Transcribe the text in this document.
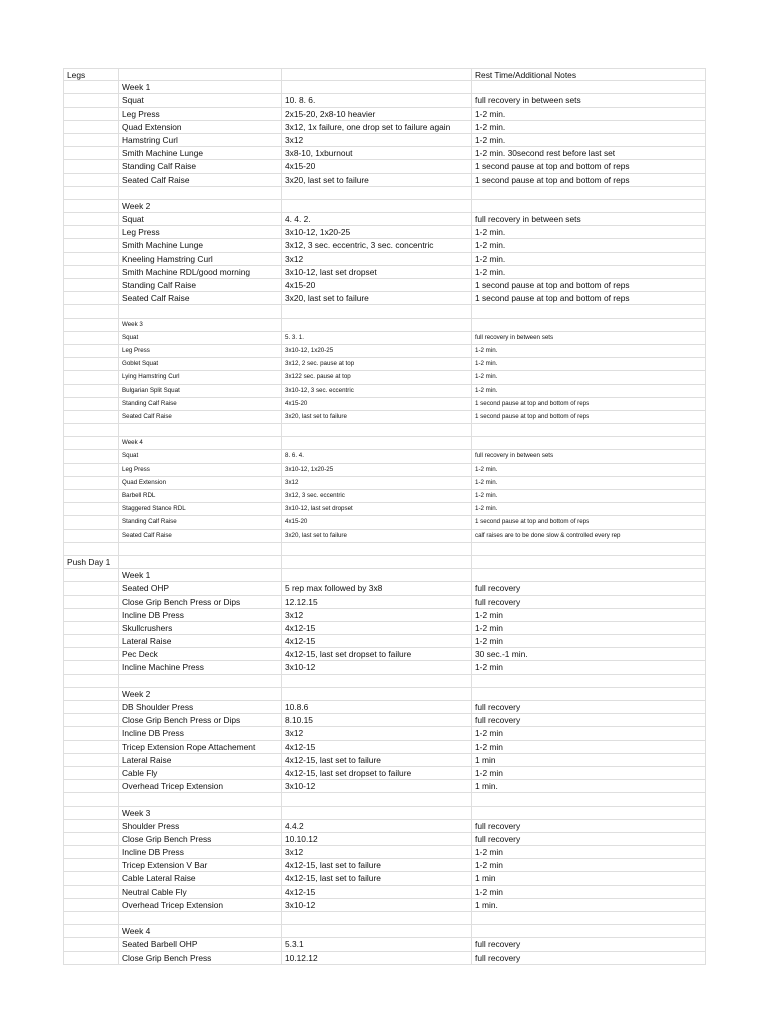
Legs	Rest Time/Additional Notes
Week 1
Squat	10. 8. 6.	full recovery in between sets
Leg Press	2x15-20, 2x8-10 heavier	1-2 min.
Quad Extension	3x12, 1x failure, one drop set to failure again	1-2 min.
Hamstring Curl	3x12	1-2 min.
Smith Machine Lunge	3x8-10, 1xburnout	1-2 min. 30second rest before last set
Standing Calf Raise	4x15-20	1 second pause at top and bottom of reps
Seated Calf Raise	3x20, last set to failure	1 second pause at top and bottom of reps
Week 2
Squat	4. 4. 2.	full recovery in between sets
Leg Press	3x10-12, 1x20-25	1-2 min.
Smith Machine Lunge	3x12, 3 sec. eccentric, 3 sec. concentric	1-2 min.
Kneeling Hamstring Curl	3x12	1-2 min.
Smith Machine RDL/good morning	3x10-12, last set dropset	1-2 min.
Standing Calf Raise	4x15-20	1 second pause at top and bottom of reps
Seated Calf Raise	3x20, last set to failure	1 second pause at top and bottom of reps
Week 3
Squat	5. 3. 1.	full recovery in between sets
Leg Press	3x10-12, 1x20-25	1-2 min.
Goblet Squat	3x12, 2 sec. pause at top	1-2 min.
Lying Hamstring Curl	3x122 sec. pause at top	1-2 min.
Bulgarian Split Squat	3x10-12, 3 sec. eccentric	1-2 min.
Standing Calf Raise	4x15-20	1 second pause at top and bottom of reps
Seated Calf Raise	3x20, last set to failure	1 second pause at top and bottom of reps
Week 4
Squat	8. 6. 4.	full recovery in between sets
Leg Press	3x10-12, 1x20-25	1-2 min.
Quad Extension	3x12	1-2 min.
Barbell RDL	3x12, 3 sec. eccentric	1-2 min.
Staggered Stance RDL	3x10-12, last set dropset	1-2 min.
Standing Calf Raise	4x15-20	1 second pause at top and bottom of reps
Seated Calf Raise	3x20, last set to failure	calf raises are to be done slow & controlled every rep
Push Day 1
Week 1
Seated OHP	5 rep max followed by 3x8	full recovery
Close Grip Bench Press or Dips	12.12.15	full recovery
Incline DB Press	3x12	1-2 min
Skullcrushers	4x12-15	1-2 min
Lateral Raise	4x12-15	1-2 min
Pec Deck	4x12-15, last set dropset to failure	30 sec.-1 min.
Incline Machine Press	3x10-12	1-2 min
Week 2
DB Shoulder Press	10.8.6	full recovery
Close Grip Bench Press or Dips	8.10.15	full recovery
Incline DB Press	3x12	1-2 min
Tricep Extension Rope Attachement	4x12-15	1-2 min
Lateral Raise	4x12-15, last set to failure	1 min
Cable Fly	4x12-15, last set dropset to failure	1-2 min
Overhead Tricep Extension	3x10-12	1 min.
Week 3
Shoulder Press	4.4.2	full recovery
Close Grip Bench Press	10.10.12	full recovery
Incline DB Press	3x12	1-2 min
Tricep Extension V Bar	4x12-15, last set to failure	1-2 min
Cable Lateral Raise	4x12-15, last set to failure	1 min
Neutral Cable Fly	4x12-15	1-2 min
Overhead Tricep Extension	3x10-12	1 min.
Week 4
Seated Barbell OHP	5.3.1	full recovery
Close Grip Bench Press	10.12.12	full recovery
